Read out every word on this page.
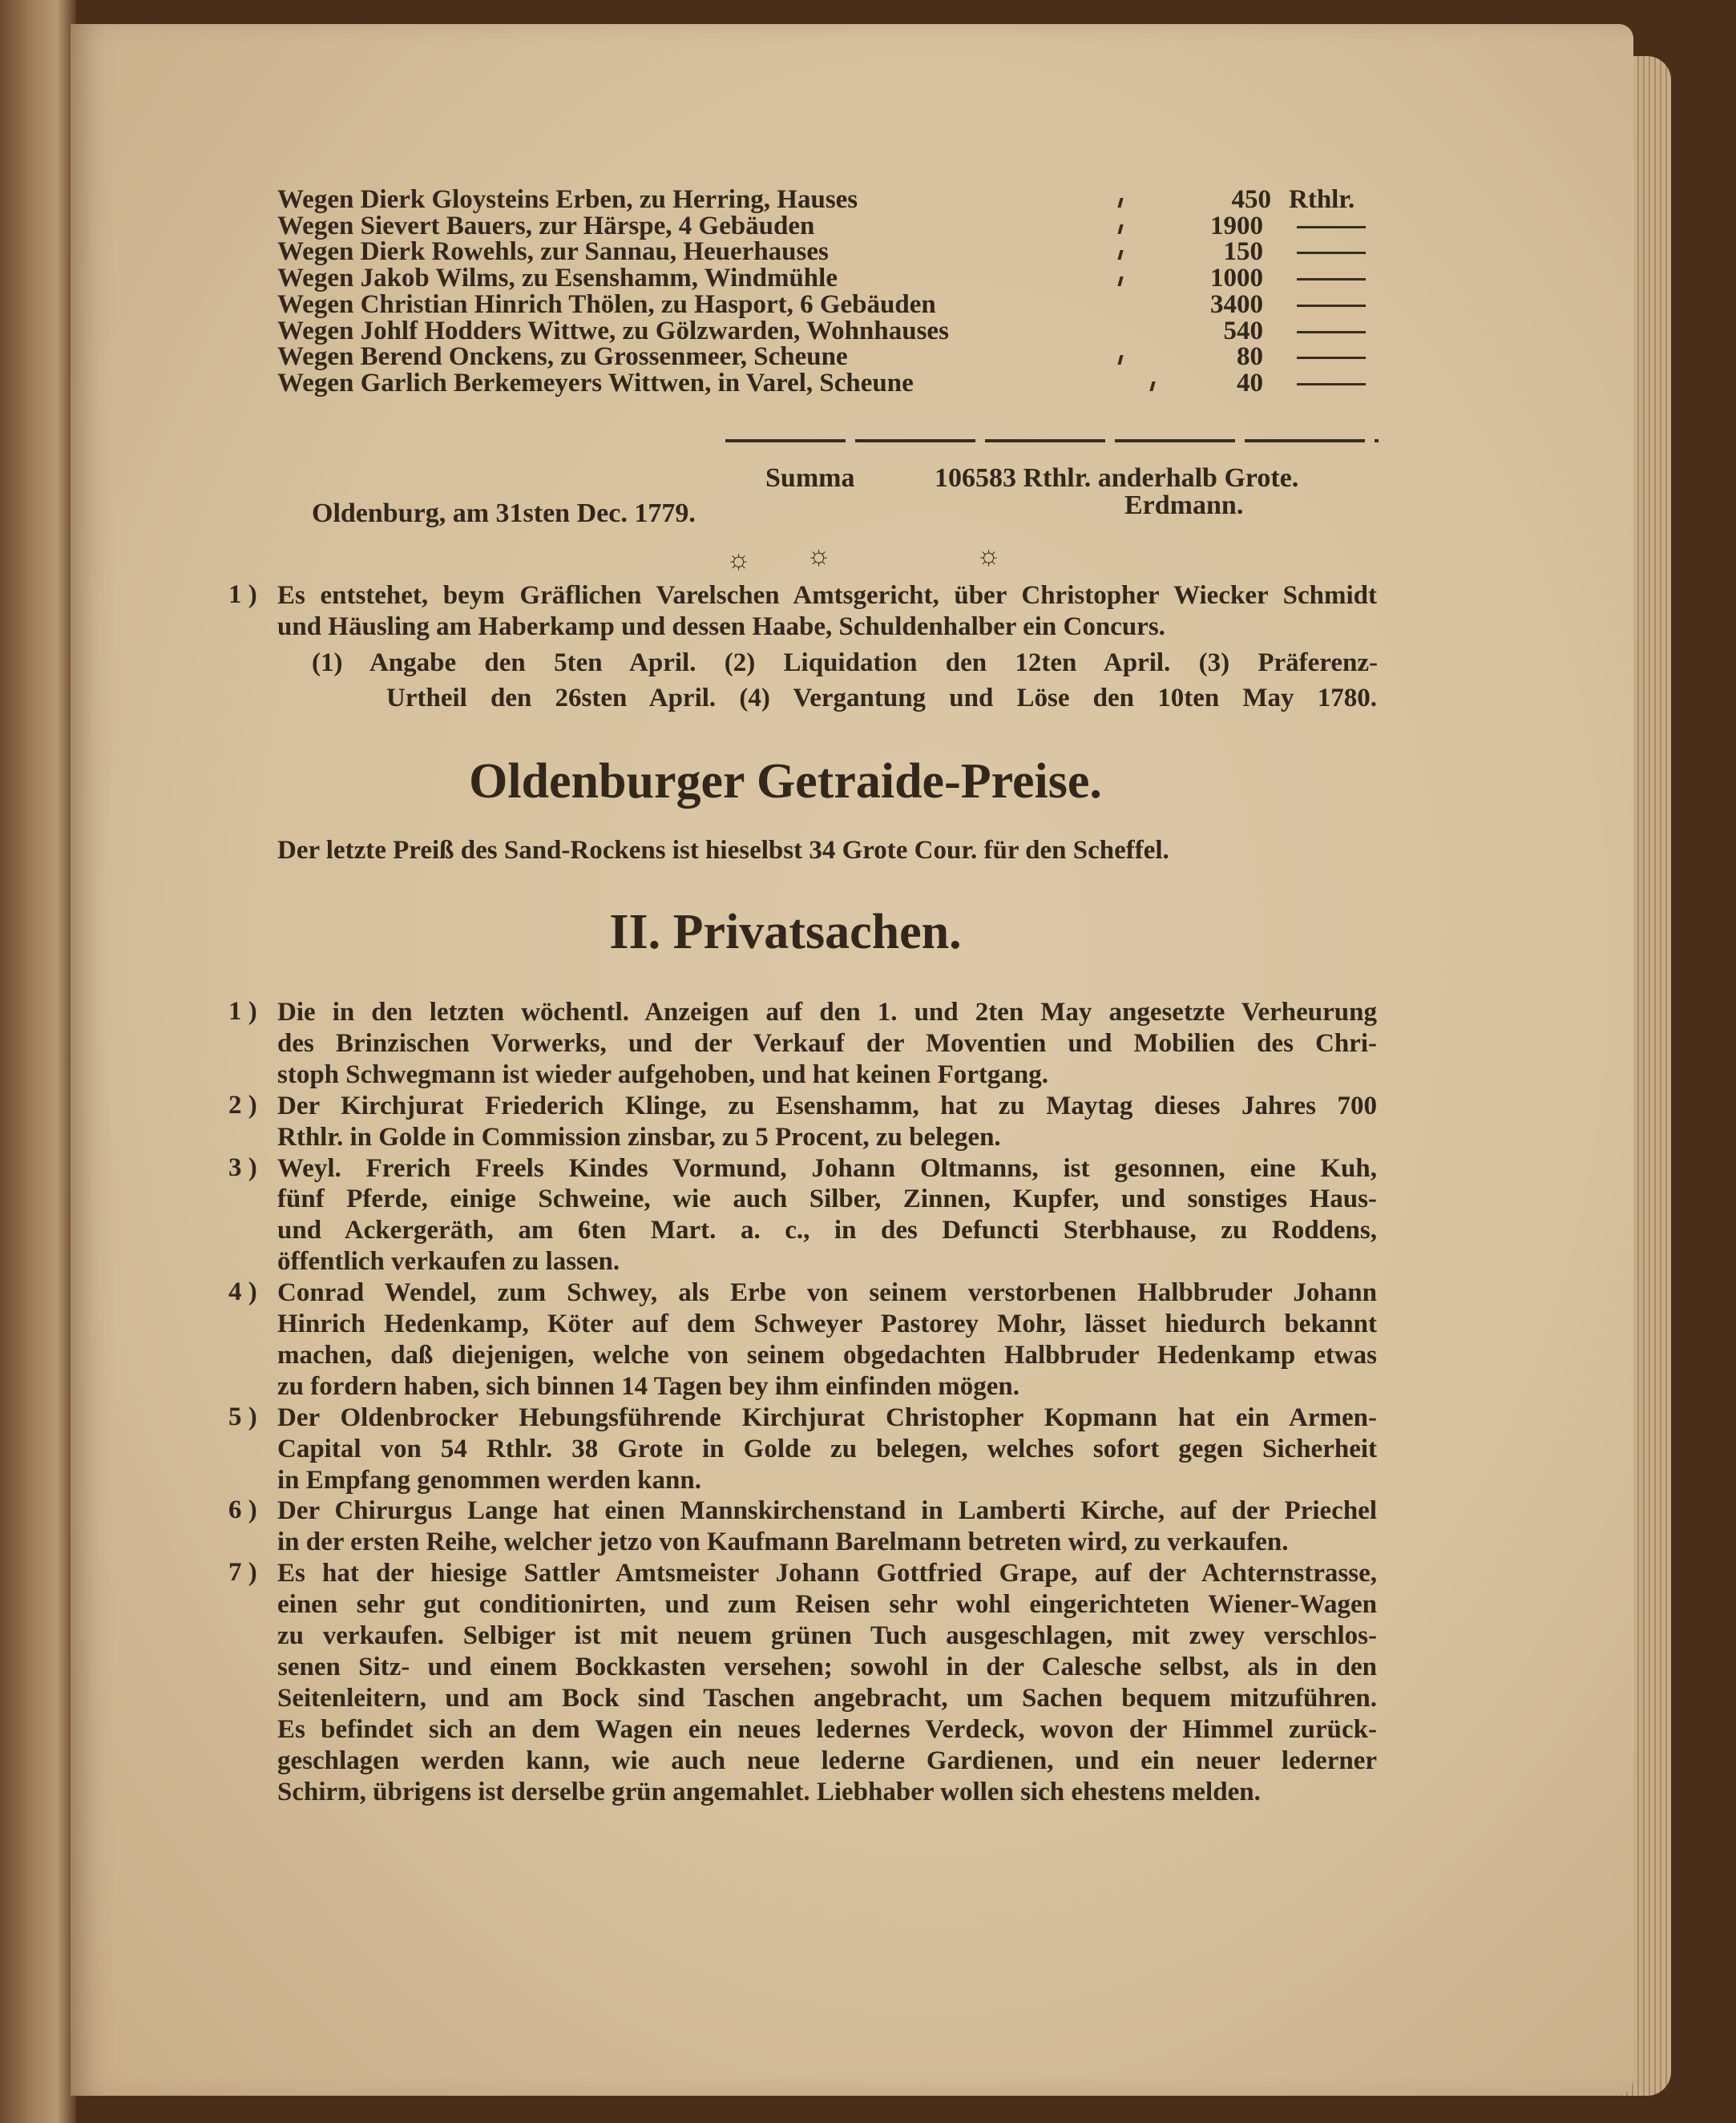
Wegen Dierk Gloysteins Erben, zu Herring, Hauses	450 Rthlr.
Wegen Sievert Bauers, zur Härspe, 4 Gebäuden	1900
Wegen Dierk Rowehls, zur Sannau, Heuerhauses	150
Wegen Jakob Wilms, zu Esenshamm, Windmühle	1000
Wegen Christian Hinrich Thölen, zu Hasport, 6 Gebäuden	3400
Wegen Johlf Hodders Wittwe, zu Gölzwarden, Wohnhauses	540
Wegen Berend Onckens, zu Grossenmeer, Scheune	80
Wegen Garlich Berkemeyers Wittwen, in Varel, Scheune	40
Summa	106583 Rthlr. anderhalb Grote.
Oldenburg, am 31sten Dec. 1779.	Erdmann.
☼ ☼	☼
1 ) Es entstehet, beym Gräflichen Varelschen Amtsgericht, über Christopher Wiecker Schmidt
und Häusling am Haberkamp und dessen Haabe, Schuldenhalber ein Concurs.
(1) Angabe den 5ten April. (2) Liquidation den 12ten April. (3) Präferenz-
Urtheil den 26sten April. (4) Vergantung und Löse den 10ten May 1780.
Oldenburger Getraide-Preise.
Der letzte Preiß des Sand-Rockens ist hieselbst 34 Grote Cour. für den Scheffel.
II. Privatsachen.
1 ) Die in den letzten wöchentl. Anzeigen auf den 1. und 2ten May angesetzte Verheurung
des Brinzischen Vorwerks, und der Verkauf der Moventien und Mobilien des Chri-
stoph Schwegmann ist wieder aufgehoben, und hat keinen Fortgang.
2 ) Der Kirchjurat Friederich Klinge, zu Esenshamm, hat zu Maytag dieses Jahres 700
Rthlr. in Golde in Commission zinsbar, zu 5 Procent, zu belegen.
3 ) Weyl. Frerich Freels Kindes Vormund, Johann Oltmanns, ist gesonnen, eine Kuh,
fünf Pferde, einige Schweine, wie auch Silber, Zinnen, Kupfer, und sonstiges Haus-
und Ackergeräth, am 6ten Mart. a. c., in des Defuncti Sterbhause, zu Roddens,
öffentlich verkaufen zu lassen.
4 ) Conrad Wendel, zum Schwey, als Erbe von seinem verstorbenen Halbbruder Johann
Hinrich Hedenkamp, Köter auf dem Schweyer Pastorey Mohr, lässet hiedurch bekannt
machen, daß diejenigen, welche von seinem obgedachten Halbbruder Hedenkamp etwas
zu fordern haben, sich binnen 14 Tagen bey ihm einfinden mögen.
5 ) Der Oldenbrocker Hebungsführende Kirchjurat Christopher Kopmann hat ein Armen-
Capital von 54 Rthlr. 38 Grote in Golde zu belegen, welches sofort gegen Sicherheit
in Empfang genommen werden kann.
6 ) Der Chirurgus Lange hat einen Mannskirchenstand in Lamberti Kirche, auf der Priechel
in der ersten Reihe, welcher jetzo von Kaufmann Barelmann betreten wird, zu verkaufen.
7 ) Es hat der hiesige Sattler Amtsmeister Johann Gottfried Grape, auf der Achternstrasse,
einen sehr gut conditionirten, und zum Reisen sehr wohl eingerichteten Wiener-Wagen
zu verkaufen. Selbiger ist mit neuem grünen Tuch ausgeschlagen, mit zwey verschlos-
senen Sitz- und einem Bockkasten versehen; sowohl in der Calesche selbst, als in den
Seitenleitern, und am Bock sind Taschen angebracht, um Sachen bequem mitzuführen.
Es befindet sich an dem Wagen ein neues ledernes Verdeck, wovon der Himmel zurück-
geschlagen werden kann, wie auch neue lederne Gardienen, und ein neuer lederner
Schirm, übrigens ist derselbe grün angemahlet. Liebhaber wollen sich ehestens melden.
